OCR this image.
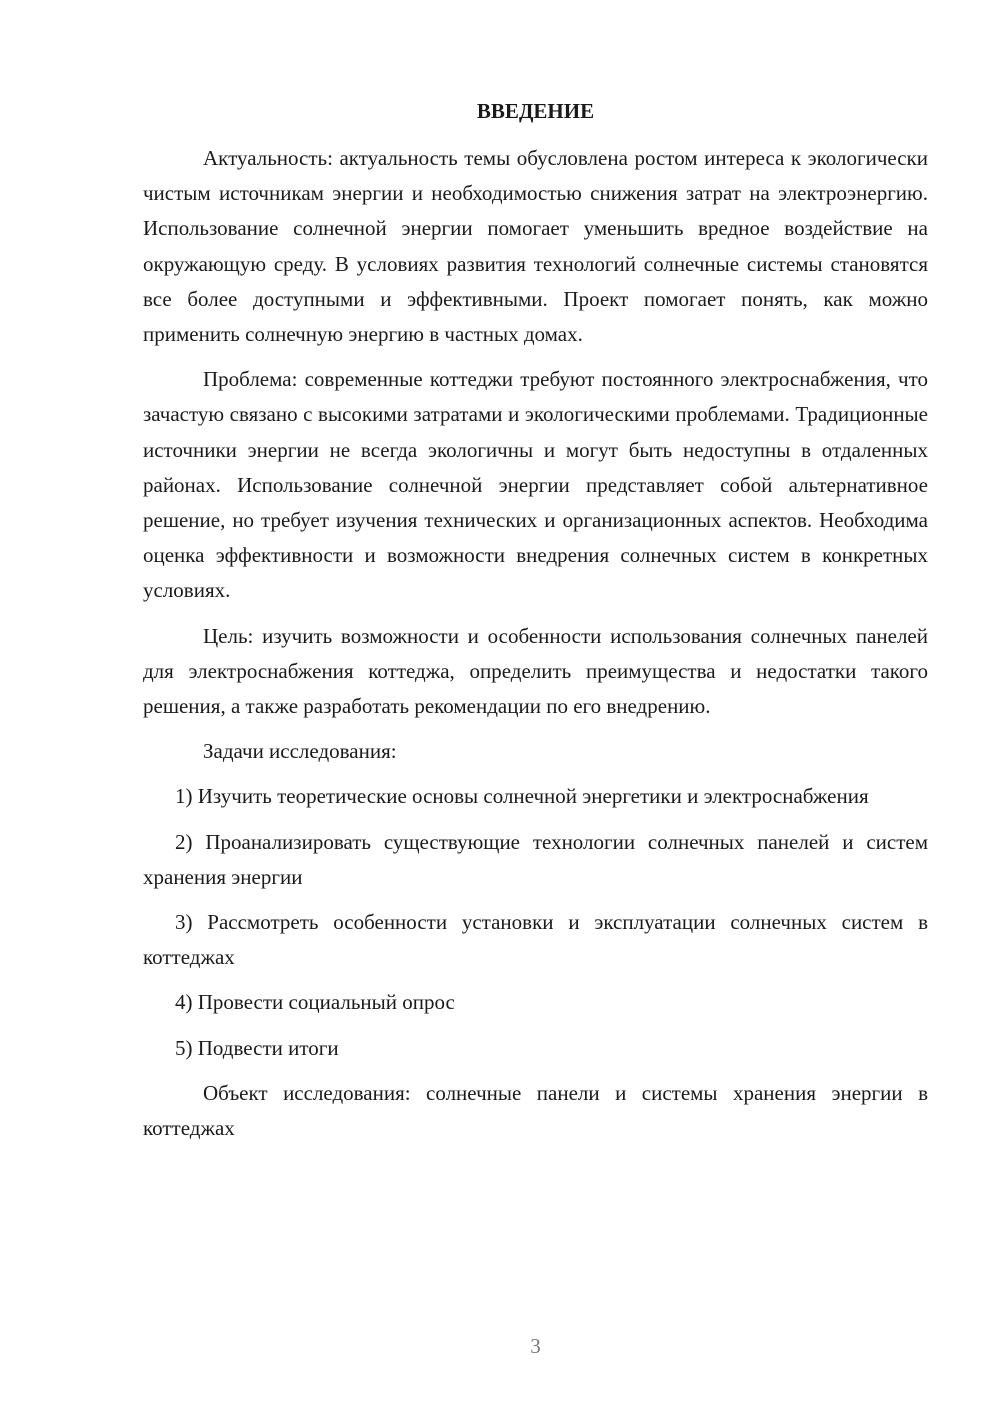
ВВЕДЕНИЕ

Актуальность: актуальность темы обусловлена ростом интереса к экологически чистым источникам энергии и необходимостью снижения затрат на электроэнергию. Использование солнечной энергии помогает уменьшить вредное воздействие на окружающую среду. В условиях развития технологий солнечные системы становятся все более доступными и эффективными. Проект помогает понять, как можно применить солнечную энергию в частных домах.

Проблема: современные коттеджи требуют постоянного электроснабжения, что зачастую связано с высокими затратами и экологическими проблемами. Традиционные источники энергии не всегда экологичны и могут быть недоступны в отдаленных районах. Использование солнечной энергии представляет собой альтернативное решение, но требует изучения технических и организационных аспектов. Необходима оценка эффективности и возможности внедрения солнечных систем в конкретных условиях.

Цель: изучить возможности и особенности использования солнечных панелей для электроснабжения коттеджа, определить преимущества и недостатки такого решения, а также разработать рекомендации по его внедрению.

Задачи исследования:

1) Изучить теоретические основы солнечной энергетики и электроснабжения

2) Проанализировать существующие технологии солнечных панелей и систем хранения энергии

3) Рассмотреть особенности установки и эксплуатации солнечных систем в коттеджах

4) Провести социальный опрос

5) Подвести итоги

Объект исследования: солнечные панели и системы хранения энергии в коттеджах

3
